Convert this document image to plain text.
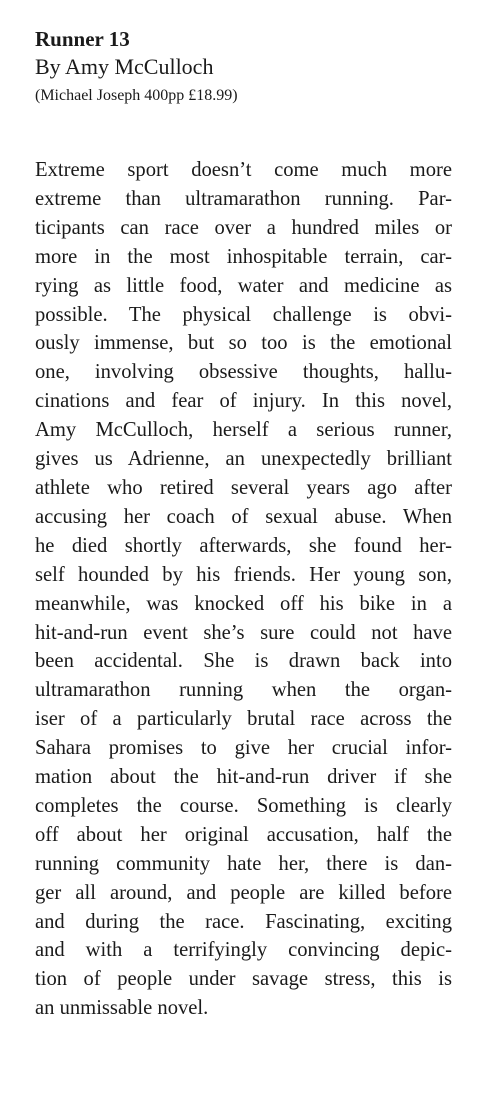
Runner 13

By Amy McCulloch

(Michael Joseph 400pp £18.99)

Extreme sport doesn’t come much more
extreme than ultramarathon running. Par-
ticipants can race over a hundred miles or
more in the most inhospitable terrain, car-
rying as little food, water and medicine as
possible. The physical challenge is obvi-
ously immense, but so too is the emotional
one, involving obsessive thoughts, hallu-
cinations and fear of injury. In this novel,
Amy McCulloch, herself a serious runner,
gives us Adrienne, an unexpectedly brilliant
athlete who retired several years ago after
accusing her coach of sexual abuse. When
he died shortly afterwards, she found her-
self hounded by his friends. Her young son,
meanwhile, was knocked off his bike in a
hit-and-run event she’s sure could not have
been accidental. She is drawn back into
ultramarathon running when the organ-
iser of a particularly brutal race across the
Sahara promises to give her crucial infor-
mation about the hit-and-run driver if she
completes the course. Something is clearly
off about her original accusation, half the
running community hate her, there is dan-
ger all around, and people are killed before
and during the race. Fascinating, exciting
and with a terrifyingly convincing depic-
tion of people under savage stress, this is
an unmissable novel.
